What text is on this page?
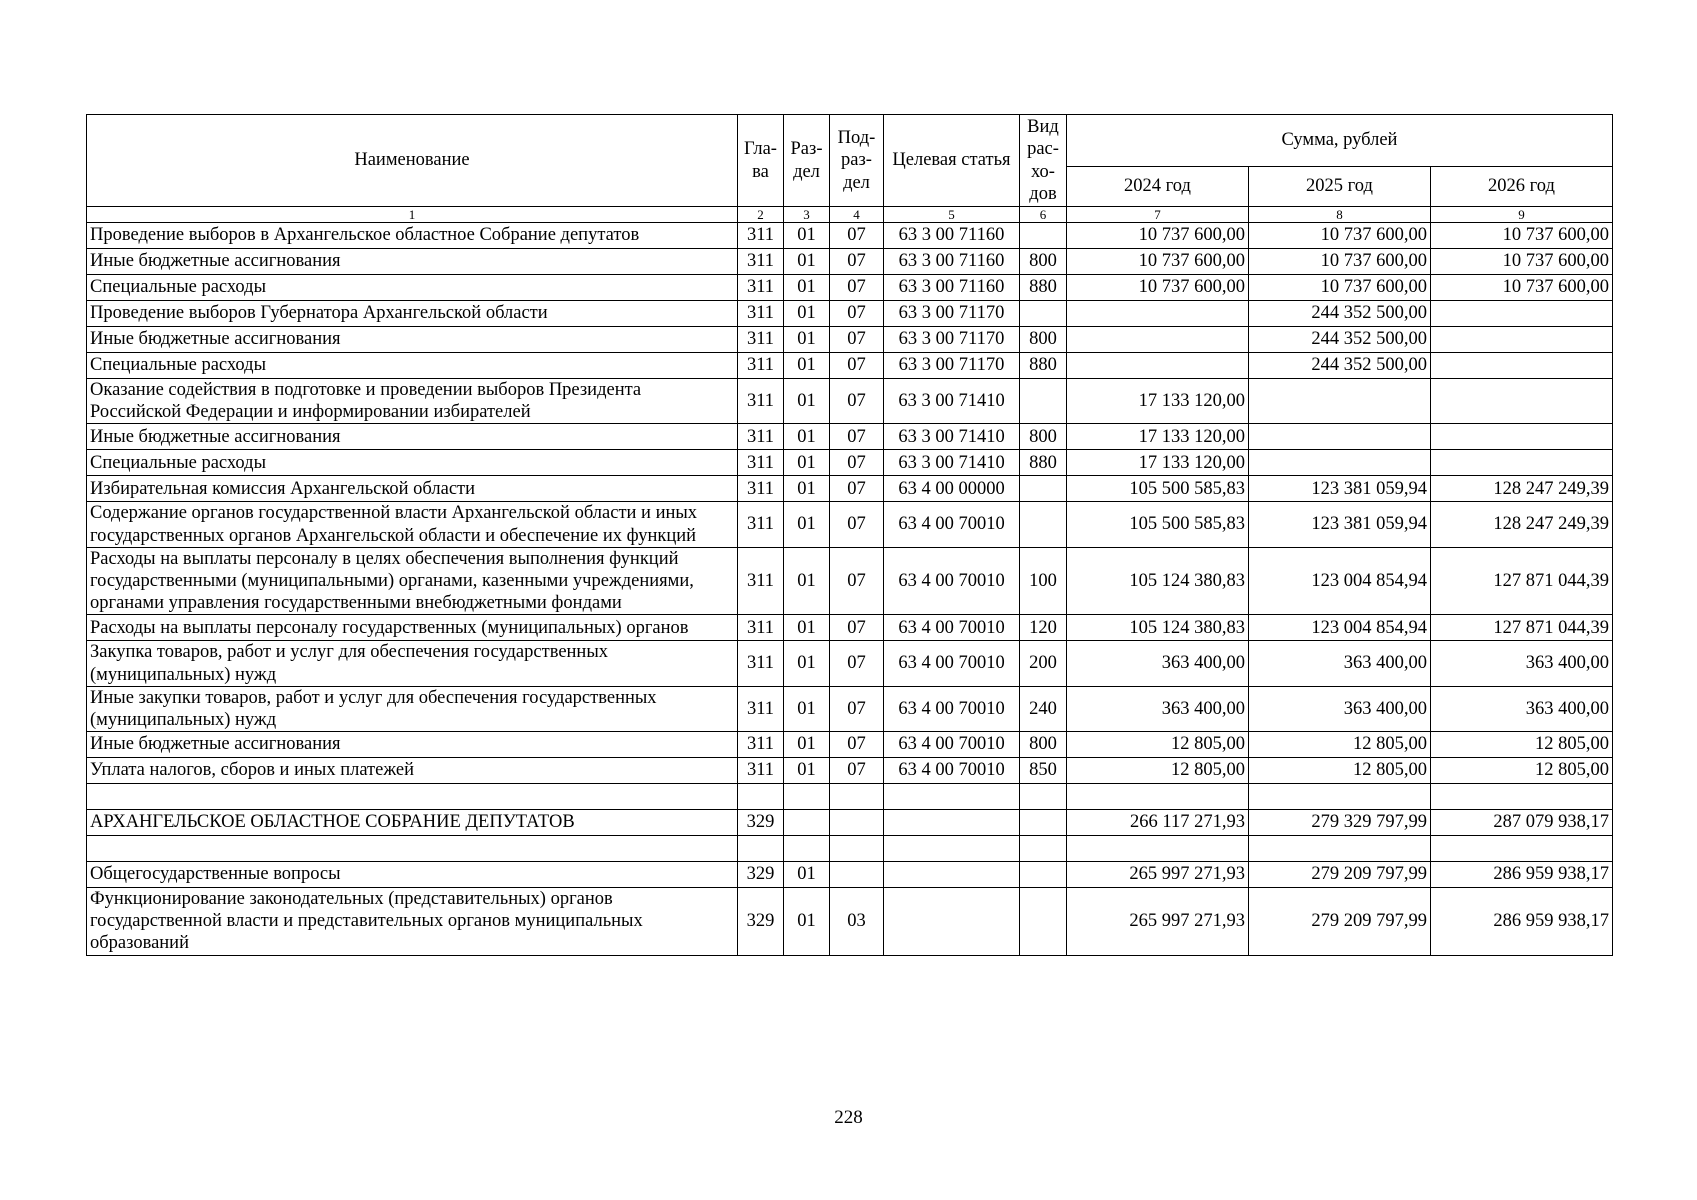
Наименование	Гла-ва	Раз-дел	Под-раз-дел	Целевая статья	Вид рас-хо-дов	Сумма, рублей		
						2024 год	2025 год	2026 год
1	2	3	4	5	6	7	8	9
Проведение выборов в Архангельское областное Собрание депутатов	311	01	07	63 3 00 71160		10 737 600,00	10 737 600,00	10 737 600,00
Иные бюджетные ассигнования	311	01	07	63 3 00 71160	800	10 737 600,00	10 737 600,00	10 737 600,00
Специальные расходы	311	01	07	63 3 00 71160	880	10 737 600,00	10 737 600,00	10 737 600,00
Проведение выборов Губернатора Архангельской области	311	01	07	63 3 00 71170			244 352 500,00	
Иные бюджетные ассигнования	311	01	07	63 3 00 71170	800		244 352 500,00	
Специальные расходы	311	01	07	63 3 00 71170	880		244 352 500,00	
Оказание содействия в подготовке и проведении выборов Президента Российской Федерации и информировании избирателей	311	01	07	63 3 00 71410		17 133 120,00		
Иные бюджетные ассигнования	311	01	07	63 3 00 71410	800	17 133 120,00		
Специальные расходы	311	01	07	63 3 00 71410	880	17 133 120,00		
Избирательная комиссия Архангельской области	311	01	07	63 4 00 00000		105 500 585,83	123 381 059,94	128 247 249,39
Содержание органов государственной власти Архангельской области и иных государственных органов Архангельской области и обеспечение их функций	311	01	07	63 4 00 70010		105 500 585,83	123 381 059,94	128 247 249,39
Расходы на выплаты персоналу в целях обеспечения выполнения функций государственными (муниципальными) органами, казенными учреждениями, органами управления государственными внебюджетными фондами	311	01	07	63 4 00 70010	100	105 124 380,83	123 004 854,94	127 871 044,39
Расходы на выплаты персоналу государственных (муниципальных) органов	311	01	07	63 4 00 70010	120	105 124 380,83	123 004 854,94	127 871 044,39
Закупка товаров, работ и услуг для обеспечения государственных (муниципальных) нужд	311	01	07	63 4 00 70010	200	363 400,00	363 400,00	363 400,00
Иные закупки товаров, работ и услуг для обеспечения государственных (муниципальных) нужд	311	01	07	63 4 00 70010	240	363 400,00	363 400,00	363 400,00
Иные бюджетные ассигнования	311	01	07	63 4 00 70010	800	12 805,00	12 805,00	12 805,00
Уплата налогов, сборов и иных платежей	311	01	07	63 4 00 70010	850	12 805,00	12 805,00	12 805,00

АРХАНГЕЛЬСКОЕ ОБЛАСТНОЕ СОБРАНИЕ ДЕПУТАТОВ	329					266 117 271,93	279 329 797,99	287 079 938,17

Общегосударственные вопросы	329	01				265 997 271,93	279 209 797,99	286 959 938,17
Функционирование законодательных (представительных) органов государственной власти и представительных органов муниципальных образований	329	01	03			265 997 271,93	279 209 797,99	286 959 938,17
228
